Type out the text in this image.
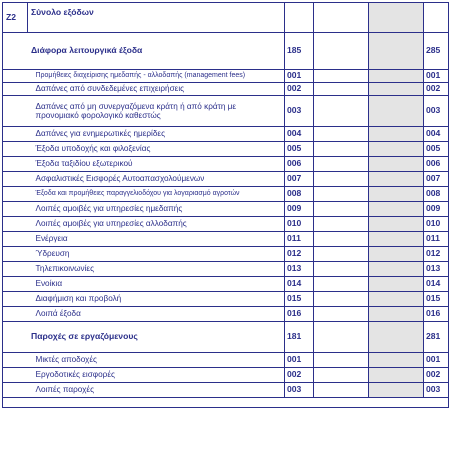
Ζ2	Σύνολο εξόδων				
Διάφορα λειτουργικά έξοδα		185			285
	Προμήθειες διαχείρισης ημεδαπής - αλλοδαπής (management fees)	001			001
	Δαπάνες από συνδεδεμένες επιχειρήσεις	002			002
	Δαπάνες από μη συνεργαζόμενα κράτη ή από κράτη με προνομιακό φορολογικό καθεστώς	003			003
	Δαπάνες για ενημερωτικές ημερίδες	004			004
	Έξοδα υποδοχής και φιλοξενίας	005			005
	Έξοδα ταξιδίου εξωτερικού	006			006
	Ασφαλιστικές Εισφορές Αυτοαπασχολούμενων	007			007
	Έξοδα και προμήθειες παραγγελιοδόχου για λογαριασμό αγροτών	008			008
	Λοιπές αμοιβές για υπηρεσίες ημεδαπής	009			009
	Λοιπές αμοιβές για υπηρεσίες αλλοδαπής	010			010
	Ενέργεια	011			011
	Ύδρευση	012			012
	Τηλεπικοινωνίες	013			013
	Ενοίκια	014			014
	Διαφήμιση και προβολή	015			015
	Λοιπά έξοδα	016			016
Παροχές σε εργαζόμενους		181			281
	Μικτές αποδοχές	001			001
	Εργοδοτικές εισφορές	002			002
	Λοιπές παροχές	003			003
